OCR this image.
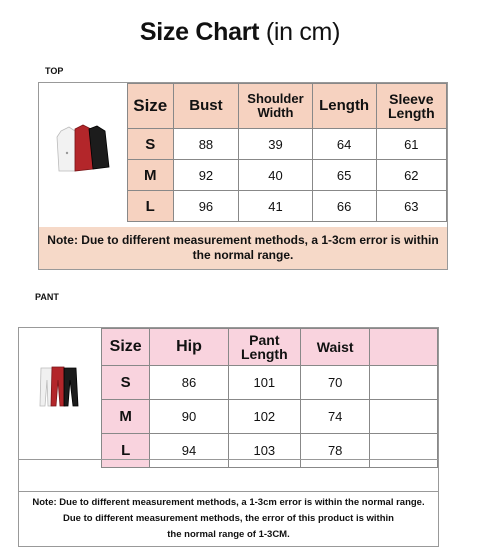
Size Chart (in cm)
TOP
Size	Bust	Shoulder Width	Length	Sleeve Length
S	88	39	64	61
M	92	40	65	62
L	96	41	66	63
Note: Due to different measurement methods, a 1-3cm error is within the normal range.
PANT
Size	Hip	Pant Length	Waist	
S	86	101	70	
M	90	102	74	
L	94	103	78	
Note: Due to different measurement methods, a 1-3cm error is within the normal range.
Due to different measurement methods, the error of this product is within
the normal range of 1-3CM.
